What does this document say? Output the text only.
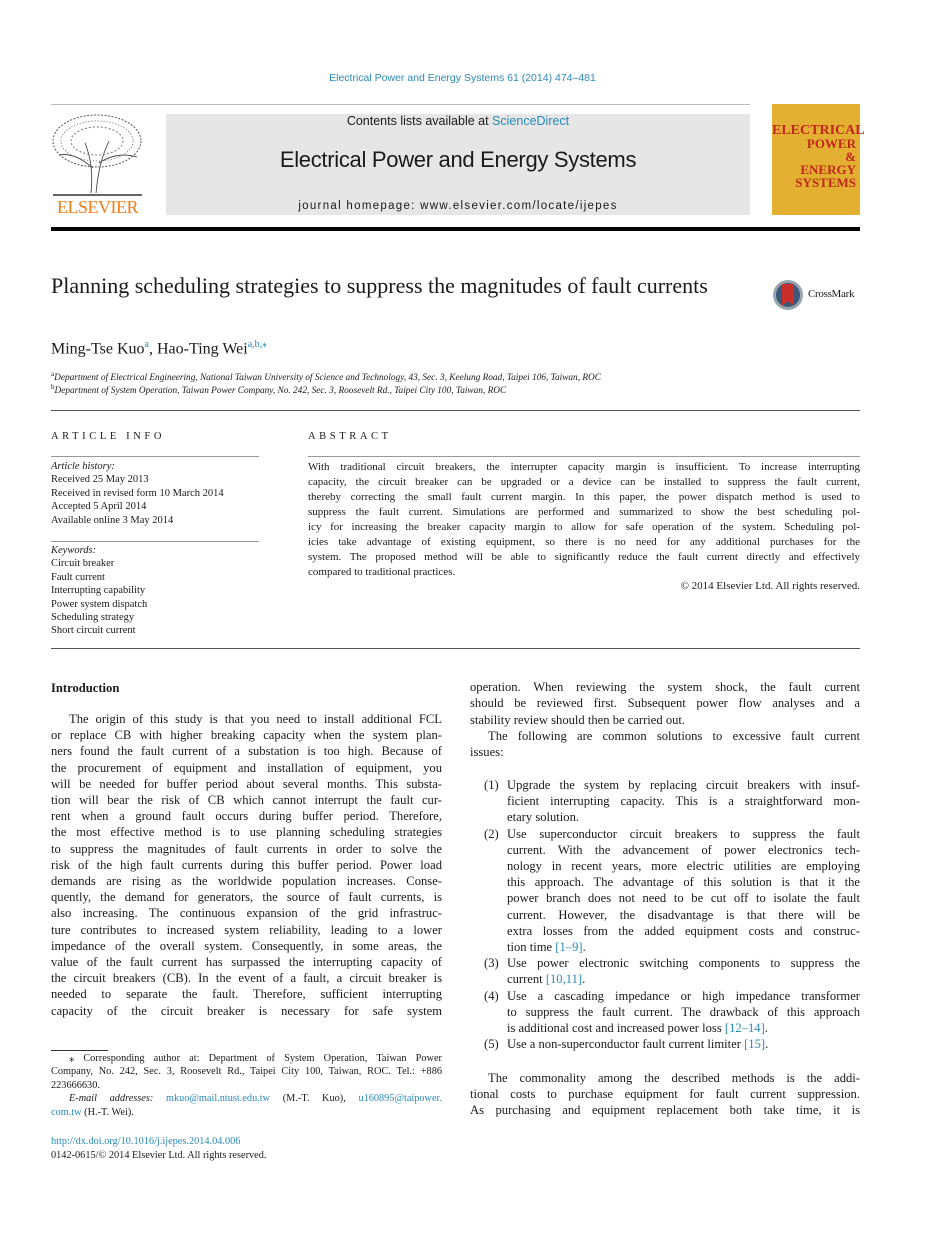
Electrical Power and Energy Systems 61 (2014) 474–481
ELSEVIER
Contents lists available at ScienceDirect
Electrical Power and Energy Systems
journal homepage: www.elsevier.com/locate/ijepes
ELECTRICAL
POWER
&
ENERGY
SYSTEMS
Planning scheduling strategies to suppress the magnitudes of fault currents	CrossMark
Ming-Tse Kuo$^a$, Hao-Ting Wei$^{a,b,⁎}$
$^a$Department of Electrical Engineering, National Taiwan University of Science and Technology, 43, Sec. 3, Keelung Road, Taipei 106, Taiwan, ROC
$^b$Department of System Operation, Taiwan Power Company, No. 242, Sec. 3, Roosevelt Rd., Taipei City 100, Taiwan, ROC
ARTICLE INFO
Article history:
Received 25 May 2013
Received in revised form 10 March 2014
Accepted 5 April 2014
Available online 3 May 2014
Keywords:
Circuit breaker
Fault current
Interrupting capability
Power system dispatch
Scheduling strategy
Short circuit current
ABSTRACT
With traditional circuit breakers, the interrupter capacity margin is insufficient. To increase interrupting
capacity, the circuit breaker can be upgraded or a device can be installed to suppress the fault current,
thereby correcting the small fault current margin. In this paper, the power dispatch method is used to
suppress the fault current. Simulations are performed and summarized to show the best scheduling pol-
icy for increasing the breaker capacity margin to allow for safe operation of the system. Scheduling pol-
icies take advantage of existing equipment, so there is no need for any additional purchases for the
system. The proposed method will be able to significantly reduce the fault current directly and effectively
compared to traditional practices.
© 2014 Elsevier Ltd. All rights reserved.
Introduction
The origin of this study is that you need to install additional FCL
or replace CB with higher breaking capacity when the system plan-
ners found the fault current of a substation is too high. Because of
the procurement of equipment and installation of equipment, you
will be needed for buffer period about several months. This substa-
tion will bear the risk of CB which cannot interrupt the fault cur-
rent when a ground fault occurs during buffer period. Therefore,
the most effective method is to use planning scheduling strategies
to suppress the magnitudes of fault currents in order to solve the
risk of the high fault currents during this buffer period. Power load
demands are rising as the worldwide population increases. Conse-
quently, the demand for generators, the source of fault currents, is
also increasing. The continuous expansion of the grid infrastruc-
ture contributes to increased system reliability, leading to a lower
impedance of the overall system. Consequently, in some areas, the
value of the fault current has surpassed the interrupting capacity of
the circuit breakers (CB). In the event of a fault, a circuit breaker is
needed to separate the fault. Therefore, sufficient interrupting
capacity of the circuit breaker is necessary for safe system
operation. When reviewing the system shock, the fault current
should be reviewed first. Subsequent power flow analyses and a
stability review should then be carried out.
The following are common solutions to excessive fault current
issues:
(1) Upgrade the system by replacing circuit breakers with insuf-
ficient interrupting capacity. This is a straightforward mon-
etary solution.
(2) Use superconductor circuit breakers to suppress the fault
current. With the advancement of power electronics tech-
nology in recent years, more electric utilities are employing
this approach. The advantage of this solution is that it the
power branch does not need to be cut off to isolate the fault
current. However, the disadvantage is that there will be
extra losses from the added equipment costs and construc-
tion time [1–9].
(3) Use power electronic switching components to suppress the
current [10,11].
(4) Use a cascading impedance or high impedance transformer
to suppress the fault current. The drawback of this approach
is additional cost and increased power loss [12–14].
(5) Use a non-superconductor fault current limiter [15].
The commonality among the described methods is the addi-
tional costs to purchase equipment for fault current suppression.
As purchasing and equipment replacement both take time, it is
⁎ Corresponding author at: Department of System Operation, Taiwan Power
Company, No. 242, Sec. 3, Roosevelt Rd., Taipei City 100, Taiwan, ROC. Tel.: +886
223666630.
E-mail addresses: mkuo@mail.ntust.edu.tw (M.-T. Kuo), u160895@taipower.
com.tw (H.-T. Wei).
http://dx.doi.org/10.1016/j.ijepes.2014.04.006
0142-0615/© 2014 Elsevier Ltd. All rights reserved.
